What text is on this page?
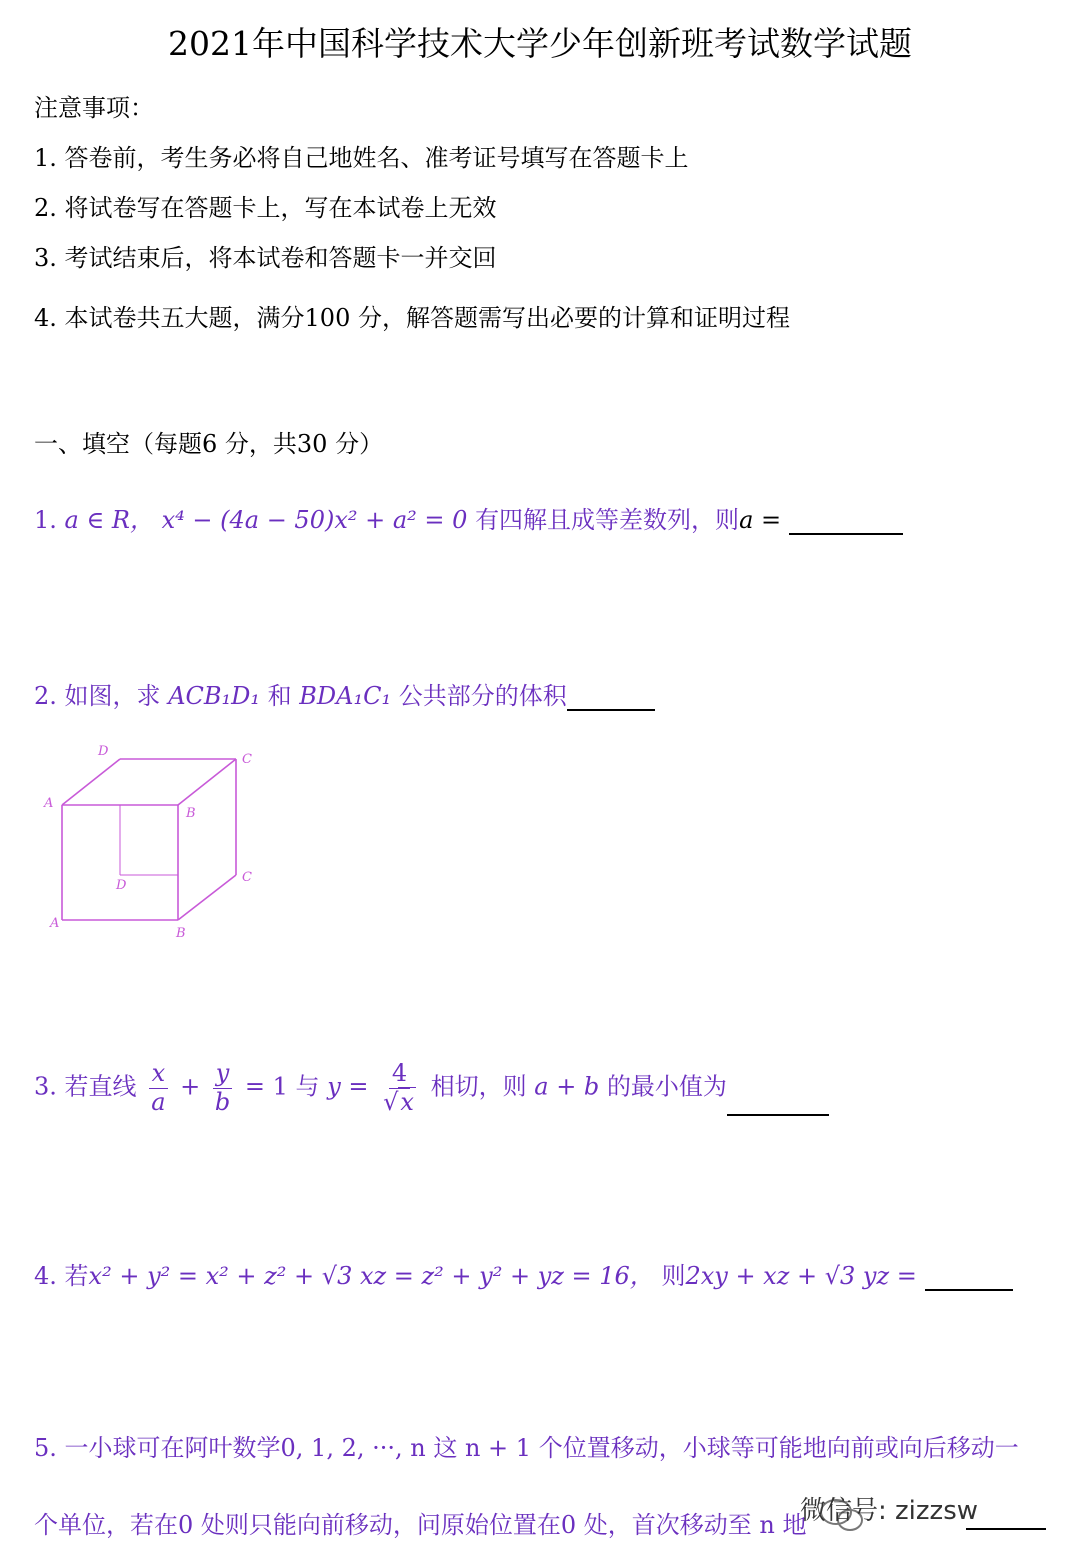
2021年中国科学技术大学少年创新班考试数学试题
注意事项：
1. 答卷前，考生务必将自己地姓名、准考证号填写在答题卡上
2. 将试卷写在答题卡上，写在本试卷上无效
3. 考试结束后，将本试卷和答题卡一并交回
4. 本试卷共五大题，满分100 分，解答题需写出必要的计算和证明过程
一、填空（每题6 分，共30 分）
1. a ∈ R， x⁴ − (4a − 50)x² + a² = 0 有四解且成等差数列，则a =
2. 如图，求 ACB₁D₁ 和 BDA₁C₁ 公共部分的体积
D
C
A
B
D
C
A
B
3. 若直线 $\frac{x}{a} + \frac{y}{b} = 1$ 与 $y = \frac{4}{√x}$ 相切，则 a + b 的最小值为
4. 若x² + y² = x² + z² + √3 xz = z² + y² + yz = 16， 则2xy + xz + √3 yz =
5. 一小球可在阿叶数学0, 1, 2, ···, n 这 n + 1 个位置移动，小球等可能地向前或向后移动一
个单位，若在0 处则只能向前移动，问原始位置在0 处，首次移动至 n 地
微信号: zizzsw
